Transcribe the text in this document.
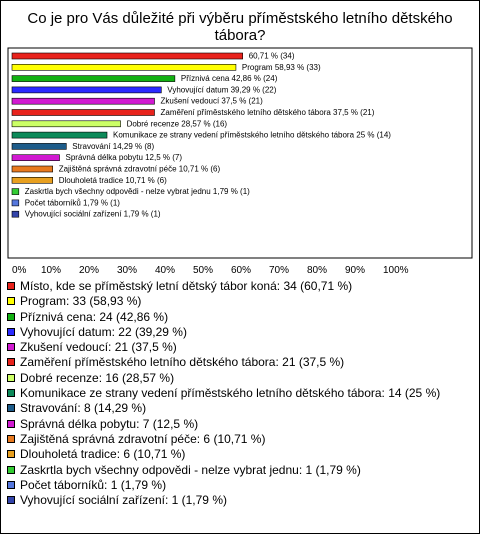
Co je pro Vás důležité při výběru příměstského letního dětského tábora?
60,71 % (34)
Program 58,93 % (33)
Příznivá cena 42,86 % (24)
Vyhovující datum 39,29 % (22)
Zkušení vedoucí 37,5 % (21)
Zaměření příměstského letního dětského tábora 37,5 % (21)
Dobré recenze 28,57 % (16)
Komunikace ze strany vedení příměstského letního dětského tábora 25 % (14)
Stravování 14,29 % (8)
Správná délka pobytu 12,5 % (7)
Zajištěná správná zdravotní péče 10,71 % (6)
Dlouholetá tradice 10,71 % (6)
Zaskrtla bych všechny odpovědi - nelze vybrat jednu 1,79 % (1)
Počet táborníků 1,79 % (1)
Vyhovující sociální zařízení 1,79 % (1)
0% 10% 20% 30% 40% 50% 60% 70% 80% 90% 100%
Místo, kde se příměstský letní dětský tábor koná: 34 (60,71 %)
Program: 33 (58,93 %)
Příznivá cena: 24 (42,86 %)
Vyhovující datum: 22 (39,29 %)
Zkušení vedoucí: 21 (37,5 %)
Zaměření příměstského letního dětského tábora: 21 (37,5 %)
Dobré recenze: 16 (28,57 %)
Komunikace ze strany vedení příměstského letního dětského tábora: 14 (25 %)
Stravování: 8 (14,29 %)
Správná délka pobytu: 7 (12,5 %)
Zajištěná správná zdravotní péče: 6 (10,71 %)
Dlouholetá tradice: 6 (10,71 %)
Zaskrtla bych všechny odpovědi - nelze vybrat jednu: 1 (1,79 %)
Počet táborníků: 1 (1,79 %)
Vyhovující sociální zařízení: 1 (1,79 %)
